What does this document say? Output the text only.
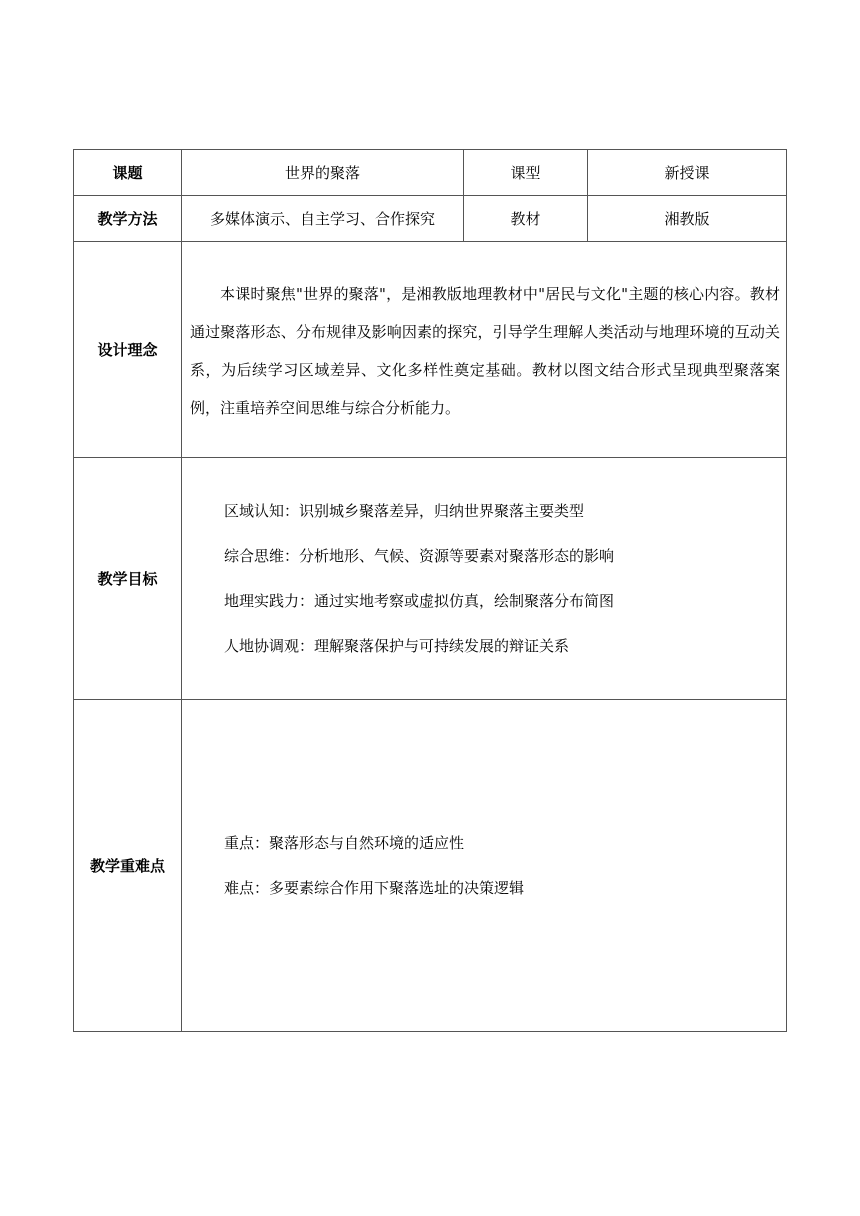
课题	世界的聚落	课型	新授课
教学方法	多媒体演示、自主学习、合作探究	教材	湘教版
设计理念	本课时聚焦"世界的聚落"，是湘教版地理教材中"居民与文化"主题的核心内容。教材通过聚落形态、分布规律及影响因素的探究，引导学生理解人类活动与地理环境的互动关系，为后续学习区域差异、文化多样性奠定基础。教材以图文结合形式呈现典型聚落案例，注重培养空间思维与综合分析能力。		

教学目标	区域认知：识别城乡聚落差异，归纳世界聚落主要类型

综合思维：分析地形、气候、资源等要素对聚落形态的影响

地理实践力：通过实地考察或虚拟仿真，绘制聚落分布简图

人地协调观：理解聚落保护与可持续发展的辩证关系		

教学重难点	重点：聚落形态与自然环境的适应性

难点：多要素综合作用下聚落选址的决策逻辑		
